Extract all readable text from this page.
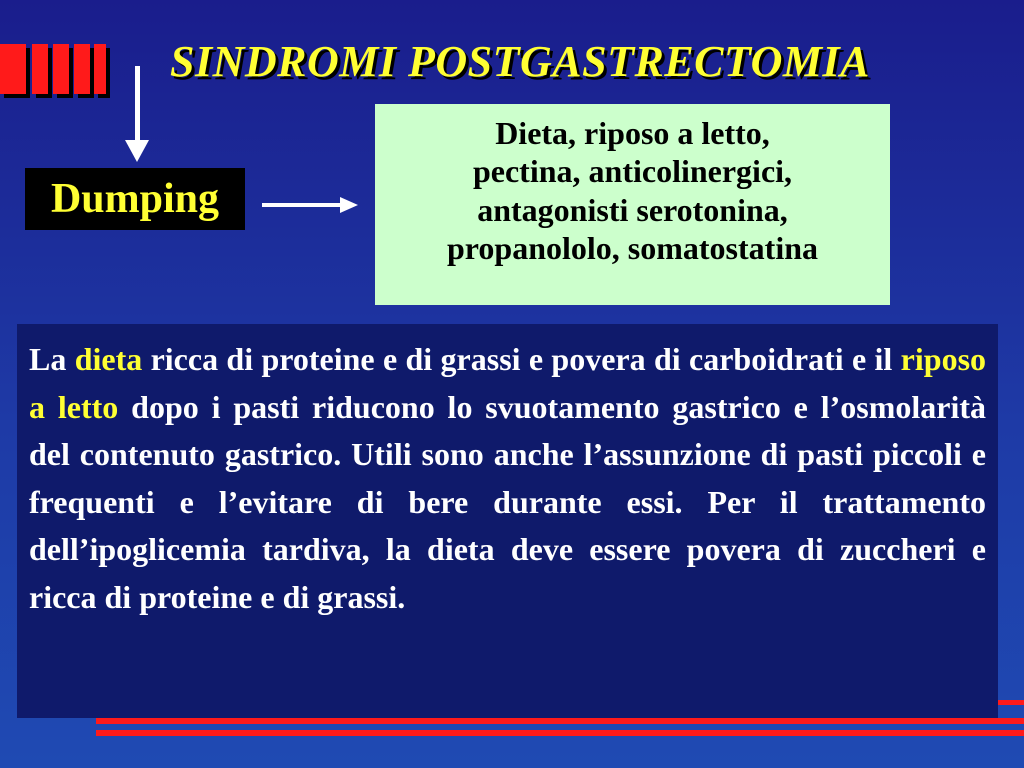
SINDROMI POSTGASTRECTOMIA
Dumping
Dieta, riposo a letto,
pectina, anticolinergici,
antagonisti serotonina,
propanololo, somatostatina

La dieta ricca di proteine e di grassi e povera di carboidrati e il riposo a letto dopo i pasti riducono lo svuotamento gastrico e l’osmolarità del contenuto gastrico. Utili sono anche l’assunzione di pasti piccoli e frequenti e l’evitare di bere durante essi. Per il trattamento dell’ipoglicemia tardiva, la dieta deve essere povera di zuccheri e ricca di proteine e di grassi.
